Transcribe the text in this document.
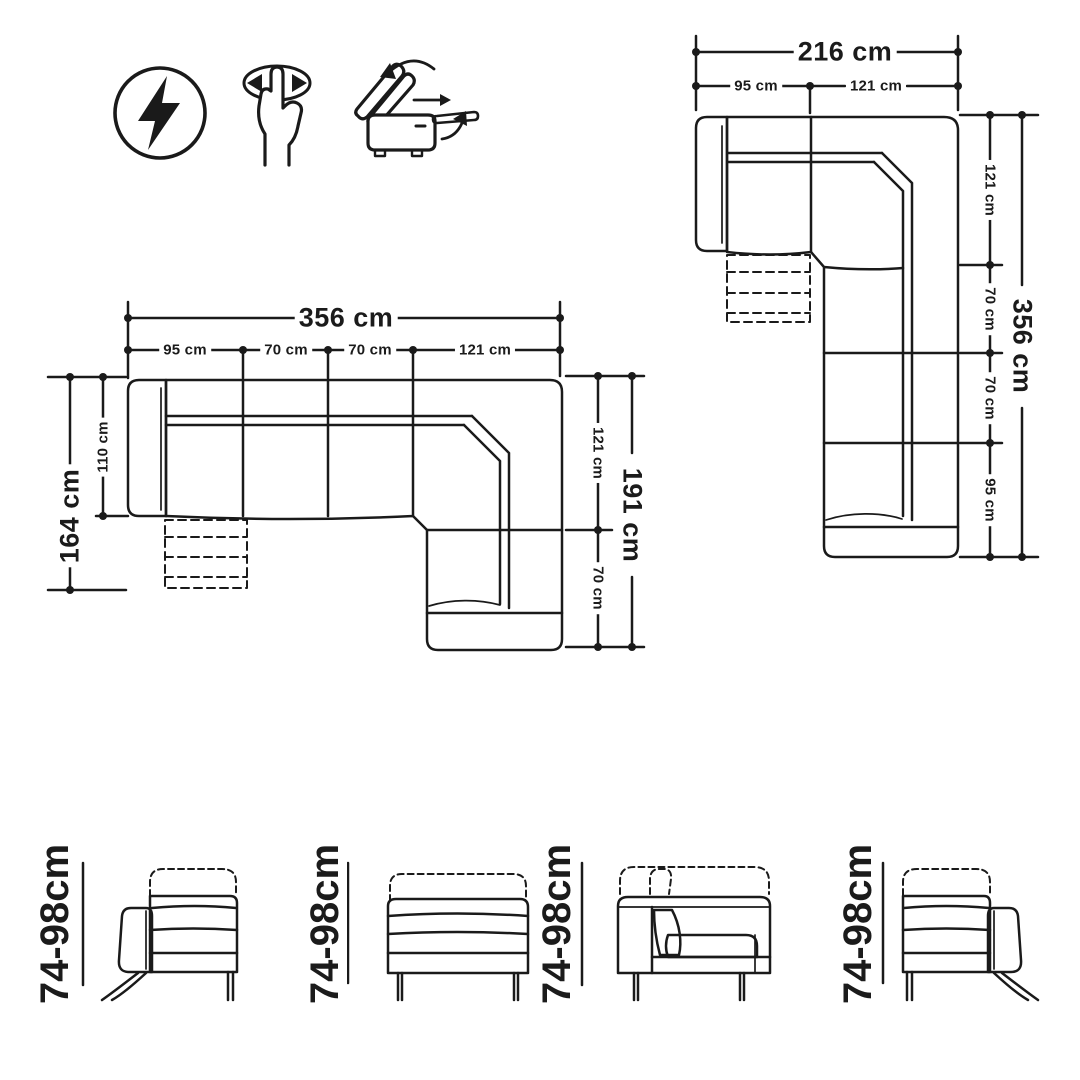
216 cm
95 cm	121 cm
121 cm
70 cm
70 cm
95 cm
356 cm
356 cm
95 cm	70 cm	70 cm	121 cm
164 cm
110 cm	121 cm
70 cm
191 cm
74-98cm	74-98cm	74-98cm	74-98cm
